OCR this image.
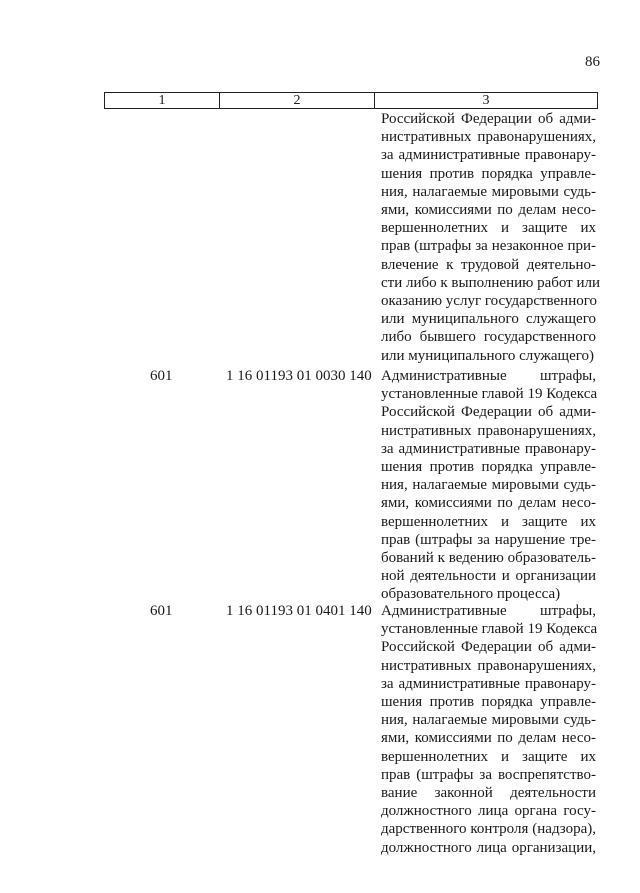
86
1	2	3
Российской Федерации об адми-
нистративных правонарушениях,
за административные правонару-
шения против порядка управле-
ния, налагаемые мировыми судь-
ями, комиссиями по делам несо-
вершеннолетних и защите их
прав (штрафы за незаконное при-
влечение к трудовой деятельно-
сти либо к выполнению работ или
оказанию услуг государственного
или муниципального служащего
либо бывшего государственного
или муниципального служащего)
601	1 16 01193 01 0030 140 Административные штрафы,
установленные главой 19 Кодекса
Российской Федерации об адми-
нистративных правонарушениях,
за административные правонару-
шения против порядка управле-
ния, налагаемые мировыми судь-
ями, комиссиями по делам несо-
вершеннолетних и защите их
прав (штрафы за нарушение тре-
бований к ведению образователь-
ной деятельности и организации
образовательного процесса)
601	1 16 01193 01 0401 140 Административные штрафы,
установленные главой 19 Кодекса
Российской Федерации об адми-
нистративных правонарушениях,
за административные правонару-
шения против порядка управле-
ния, налагаемые мировыми судь-
ями, комиссиями по делам несо-
вершеннолетних и защите их
прав (штрафы за воспрепятство-
вание законной деятельности
должностного лица органа госу-
дарственного контроля (надзора),
должностного лица организации,
